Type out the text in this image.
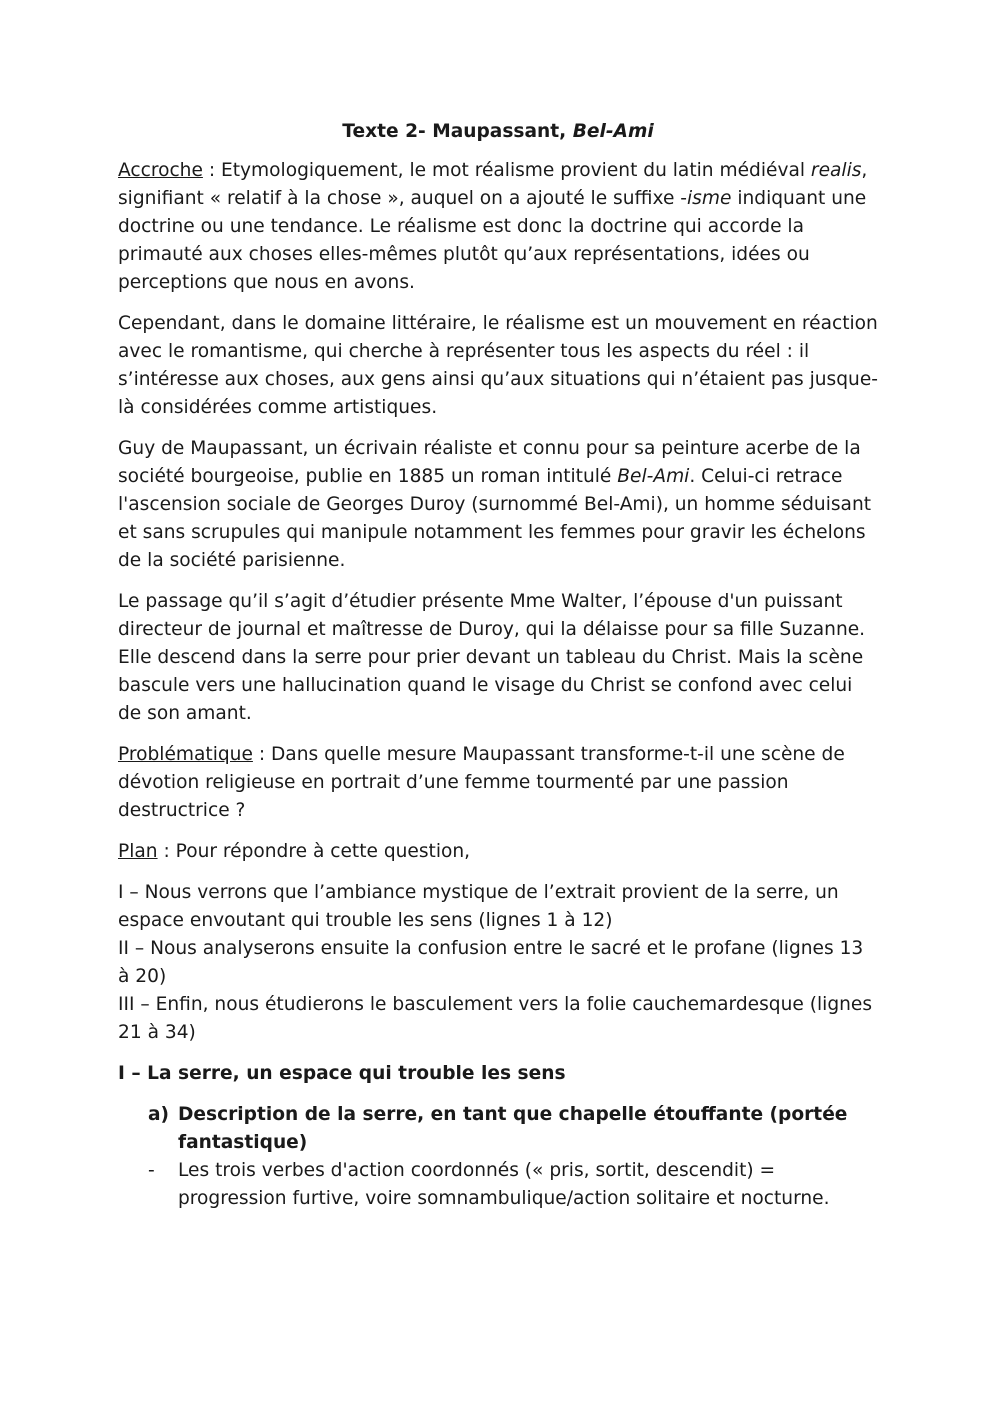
Texte 2- Maupassant, Bel-Ami

Accroche : Etymologiquement, le mot réalisme provient du latin médiéval realis, signifiant « relatif à la chose », auquel on a ajouté le suffixe -isme indiquant une doctrine ou une tendance. Le réalisme est donc la doctrine qui accorde la primauté aux choses elles-mêmes plutôt qu’aux représentations, idées ou perceptions que nous en avons.

Cependant, dans le domaine littéraire, le réalisme est un mouvement en réaction avec le romantisme, qui cherche à représenter tous les aspects du réel : il s’intéresse aux choses, aux gens ainsi qu’aux situations qui n’étaient pas jusque-là considérées comme artistiques.

Guy de Maupassant, un écrivain réaliste et connu pour sa peinture acerbe de la société bourgeoise, publie en 1885 un roman intitulé Bel-Ami. Celui-ci retrace l'ascension sociale de Georges Duroy (surnommé Bel-Ami), un homme séduisant et sans scrupules qui manipule notamment les femmes pour gravir les échelons de la société parisienne.

Le passage qu’il s’agit d’étudier présente Mme Walter, l’épouse d'un puissant directeur de journal et maîtresse de Duroy, qui la délaisse pour sa fille Suzanne. Elle descend dans la serre pour prier devant un tableau du Christ. Mais la scène bascule vers une hallucination quand le visage du Christ se confond avec celui de son amant.

Problématique : Dans quelle mesure Maupassant transforme-t-il une scène de dévotion religieuse en portrait d’une femme tourmenté par une passion destructrice ?

Plan : Pour répondre à cette question,

I – Nous verrons que l’ambiance mystique de l’extrait provient de la serre, un espace envoutant qui trouble les sens (lignes 1 à 12)
II – Nous analyserons ensuite la confusion entre le sacré et le profane (lignes 13 à 20)
III – Enfin, nous étudierons le basculement vers la folie cauchemardesque (lignes 21 à 34)
I – La serre, un espace qui trouble les sens
a) Description de la serre, en tant que chapelle étouffante (portée fantastique)
-	Les trois verbes d'action coordonnés (« pris, sortit, descendit) = progression furtive, voire somnambulique/action solitaire et nocturne.
